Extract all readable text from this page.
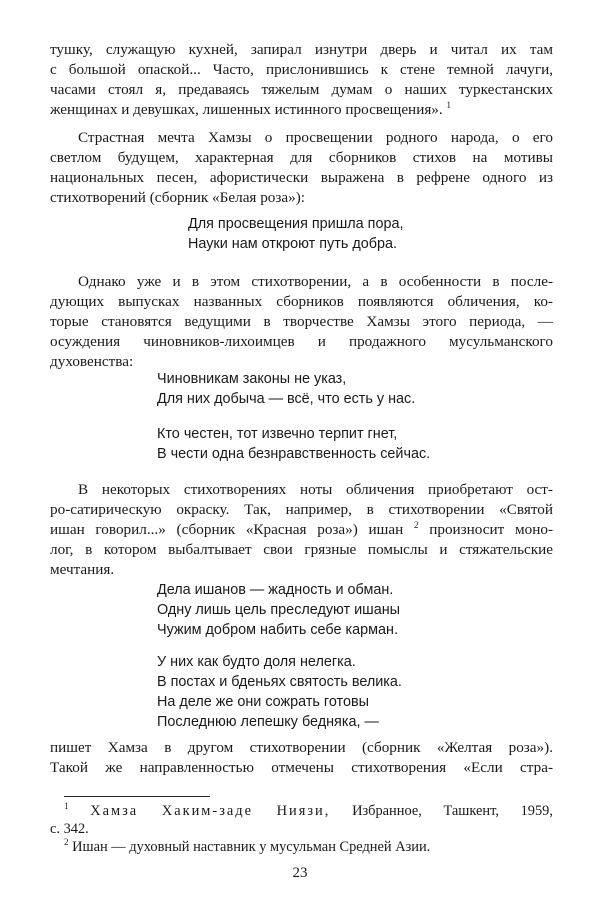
тушку, служащую кухней, запирал изнутри дверь и читал их там
с большой опаской... Часто, прислонившись к стене темной лачуги,
часами стоял я, предаваясь тяжелым думам о наших туркестанских
женщинах и девушках, лишенных истинного просвещения». $^1$
Страстная мечта Хамзы о просвещении родного народа, о его
светлом будущем, характерная для сборников стихов на мотивы
национальных песен, афористически выражена в рефрене одного из
стихотворений (сборник «Белая роза»):
Для просвещения пришла пора,
Науки нам откроют путь добра.
Однако уже и в этом стихотворении, а в особенности в после-
дующих выпусках названных сборников появляются обличения, ко-
торые становятся ведущими в творчестве Хамзы этого периода, —
осуждения чиновников-лихоимцев и продажного мусульманского
духовенства:
Чиновникам законы не указ,
Для них добыча — всё, что есть у нас.
Кто честен, тот извечно терпит гнет,
В чести одна безнравственность сейчас.
В некоторых стихотворениях ноты обличения приобретают ост-
ро-сатирическую окраску. Так, например, в стихотворении «Святой
ишан говорил...» (сборник «Красная роза») ишан $^2$ произносит моно-
лог, в котором выбалтывает свои грязные помыслы и стяжательские
мечтания.
Дела ишанов — жадность и обман.
Одну лишь цель преследуют ишаны
Чужим добром набить себе карман.
У них как будто доля нелегка.
В постах и бденьях святость велика.
На деле же они сожрать готовы
Последнюю лепешку бедняка, —
пишет Хамза в другом стихотворении (сборник «Желтая роза»).
Такой же направленностью отмечены стихотворения «Если стра-
$^1$ Хамза Хаким-заде Ниязи, Избранное, Ташкент, 1959,
с. 342.
$^2$ Ишан — духовный наставник у мусульман Средней Азии.
23
